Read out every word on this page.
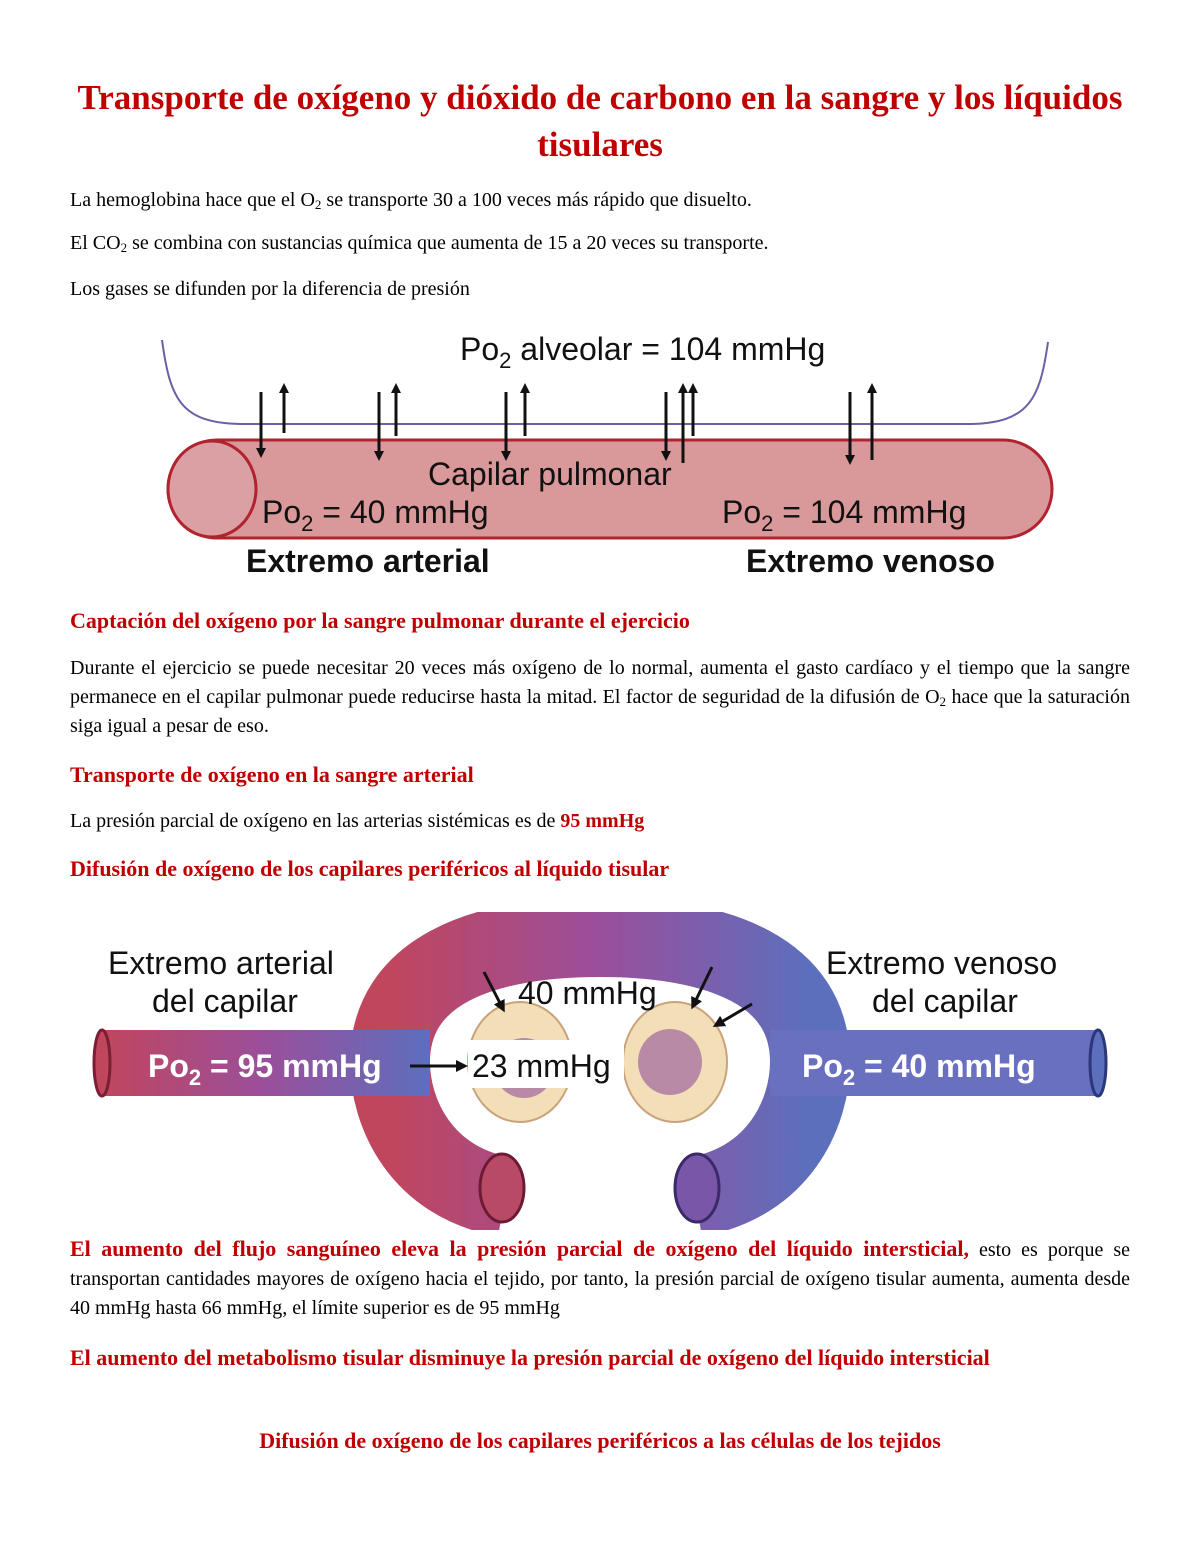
Transporte de oxígeno y dióxido de carbono en la sangre y los líquidos tisulares

La hemoglobina hace que el $O_2$ se transporte 30 a 100 veces más rápido que disuelto.

El $CO_2$ se combina con sustancias química que aumenta de 15 a 20 veces su transporte.

Los gases se difunden por la diferencia de presión

$Po_2$ alveolar = 104 mmHg
Capilar pulmonar
$Po_2 = 40$ mmHg	$Po_2 = 104$ mmHg
Extremo arterial	Extremo venoso
Captación del oxígeno por la sangre pulmonar durante el ejercicio

Durante el ejercicio se puede necesitar 20 veces más oxígeno de lo normal, aumenta el gasto cardíaco y el tiempo que la sangre permanece en el capilar pulmonar puede reducirse hasta la mitad. El factor de seguridad de la difusión de $O_2$ hace que la saturación siga igual a pesar de eso.

Transporte de oxígeno en la sangre arterial

La presión parcial de oxígeno en las arterias sistémicas es de 95 mmHg

Difusión de oxígeno de los capilares periféricos al líquido tisular
Extremo arterial
del capilar
Extremo venoso
del capilar
40 mmHg
23 mmHg
$Po_2 = 95$ mmHg	$Po_2 = 40$ mmHg

El aumento del flujo sanguíneo eleva la presión parcial de oxígeno del líquido intersticial, esto es porque se transportan cantidades mayores de oxígeno hacia el tejido, por tanto, la presión parcial de oxígeno tisular aumenta, aumenta desde 40 mmHg hasta 66 mmHg, el límite superior es de 95 mmHg

El aumento del metabolismo tisular disminuye la presión parcial de oxígeno del líquido intersticial
Difusión de oxígeno de los capilares periféricos a las células de los tejidos
